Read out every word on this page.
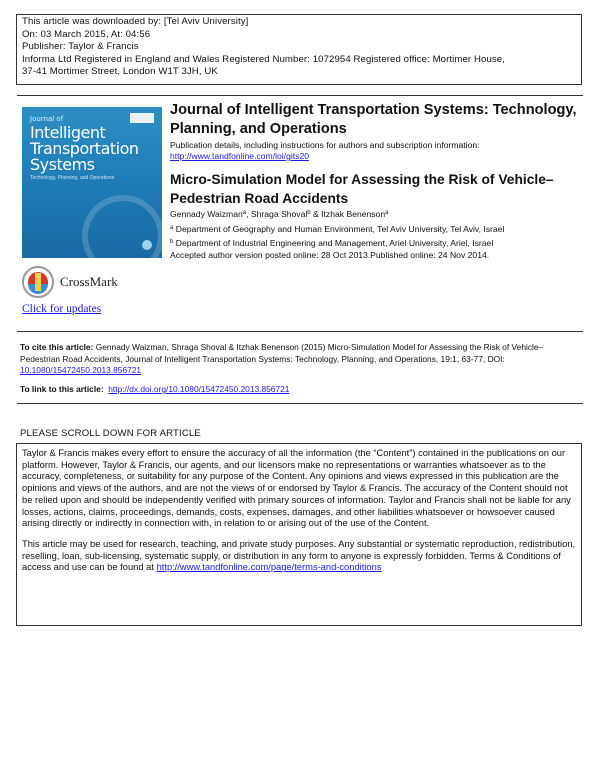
This article was downloaded by: [Tel Aviv University]
On: 03 March 2015, At: 04:56
Publisher: Taylor & Francis
Informa Ltd Registered in England and Wales Registered Number: 1072954 Registered office: Mortimer House,
37-41 Mortimer Street, London W1T 3JH, UK
Journal of
Intelligent
Transportation
Systems
Technology, Planning, and Operations
CrossMark
Click for updates
Journal of Intelligent Transportation Systems: Technology, Planning, and Operations
Publication details, including instructions for authors and subscription information:
http://www.tandfonline.com/loi/gits20
Micro-Simulation Model for Assessing the Risk of Vehicle–Pedestrian Road Accidents
Gennady Waizman$^a$, Shraga Shoval$^b$ & Itzhak Benenson$^a$
$^a$ Department of Geography and Human Environment, Tel Aviv University, Tel Aviv, Israel
$^b$ Department of Industrial Engineering and Management, Ariel University, Ariel, Israel
Accepted author version posted online: 28 Oct 2013.Published online: 24 Nov 2014.
To cite this article: Gennady Waizman, Shraga Shoval & Itzhak Benenson (2015) Micro-Simulation Model for Assessing the Risk of Vehicle–Pedestrian Road Accidents, Journal of Intelligent Transportation Systems: Technology, Planning, and Operations, 19:1, 63-77, DOI: 10.1080/15472450.2013.856721
To link to this article: http://dx.doi.org/10.1080/15472450.2013.856721
PLEASE SCROLL DOWN FOR ARTICLE

Taylor & Francis makes every effort to ensure the accuracy of all the information (the “Content”) contained in the publications on our platform. However, Taylor & Francis, our agents, and our licensors make no representations or warranties whatsoever as to the accuracy, completeness, or suitability for any purpose of the Content. Any opinions and views expressed in this publication are the opinions and views of the authors, and are not the views of or endorsed by Taylor & Francis. The accuracy of the Content should not be relied upon and should be independently verified with primary sources of information. Taylor and Francis shall not be liable for any losses, actions, claims, proceedings, demands, costs, expenses, damages, and other liabilities whatsoever or howsoever caused arising directly or indirectly in connection with, in relation to or arising out of the use of the Content.

This article may be used for research, teaching, and private study purposes. Any substantial or systematic reproduction, redistribution, reselling, loan, sub-licensing, systematic supply, or distribution in any form to anyone is expressly forbidden. Terms & Conditions of access and use can be found at http://www.tandfonline.com/page/terms-and-conditions
